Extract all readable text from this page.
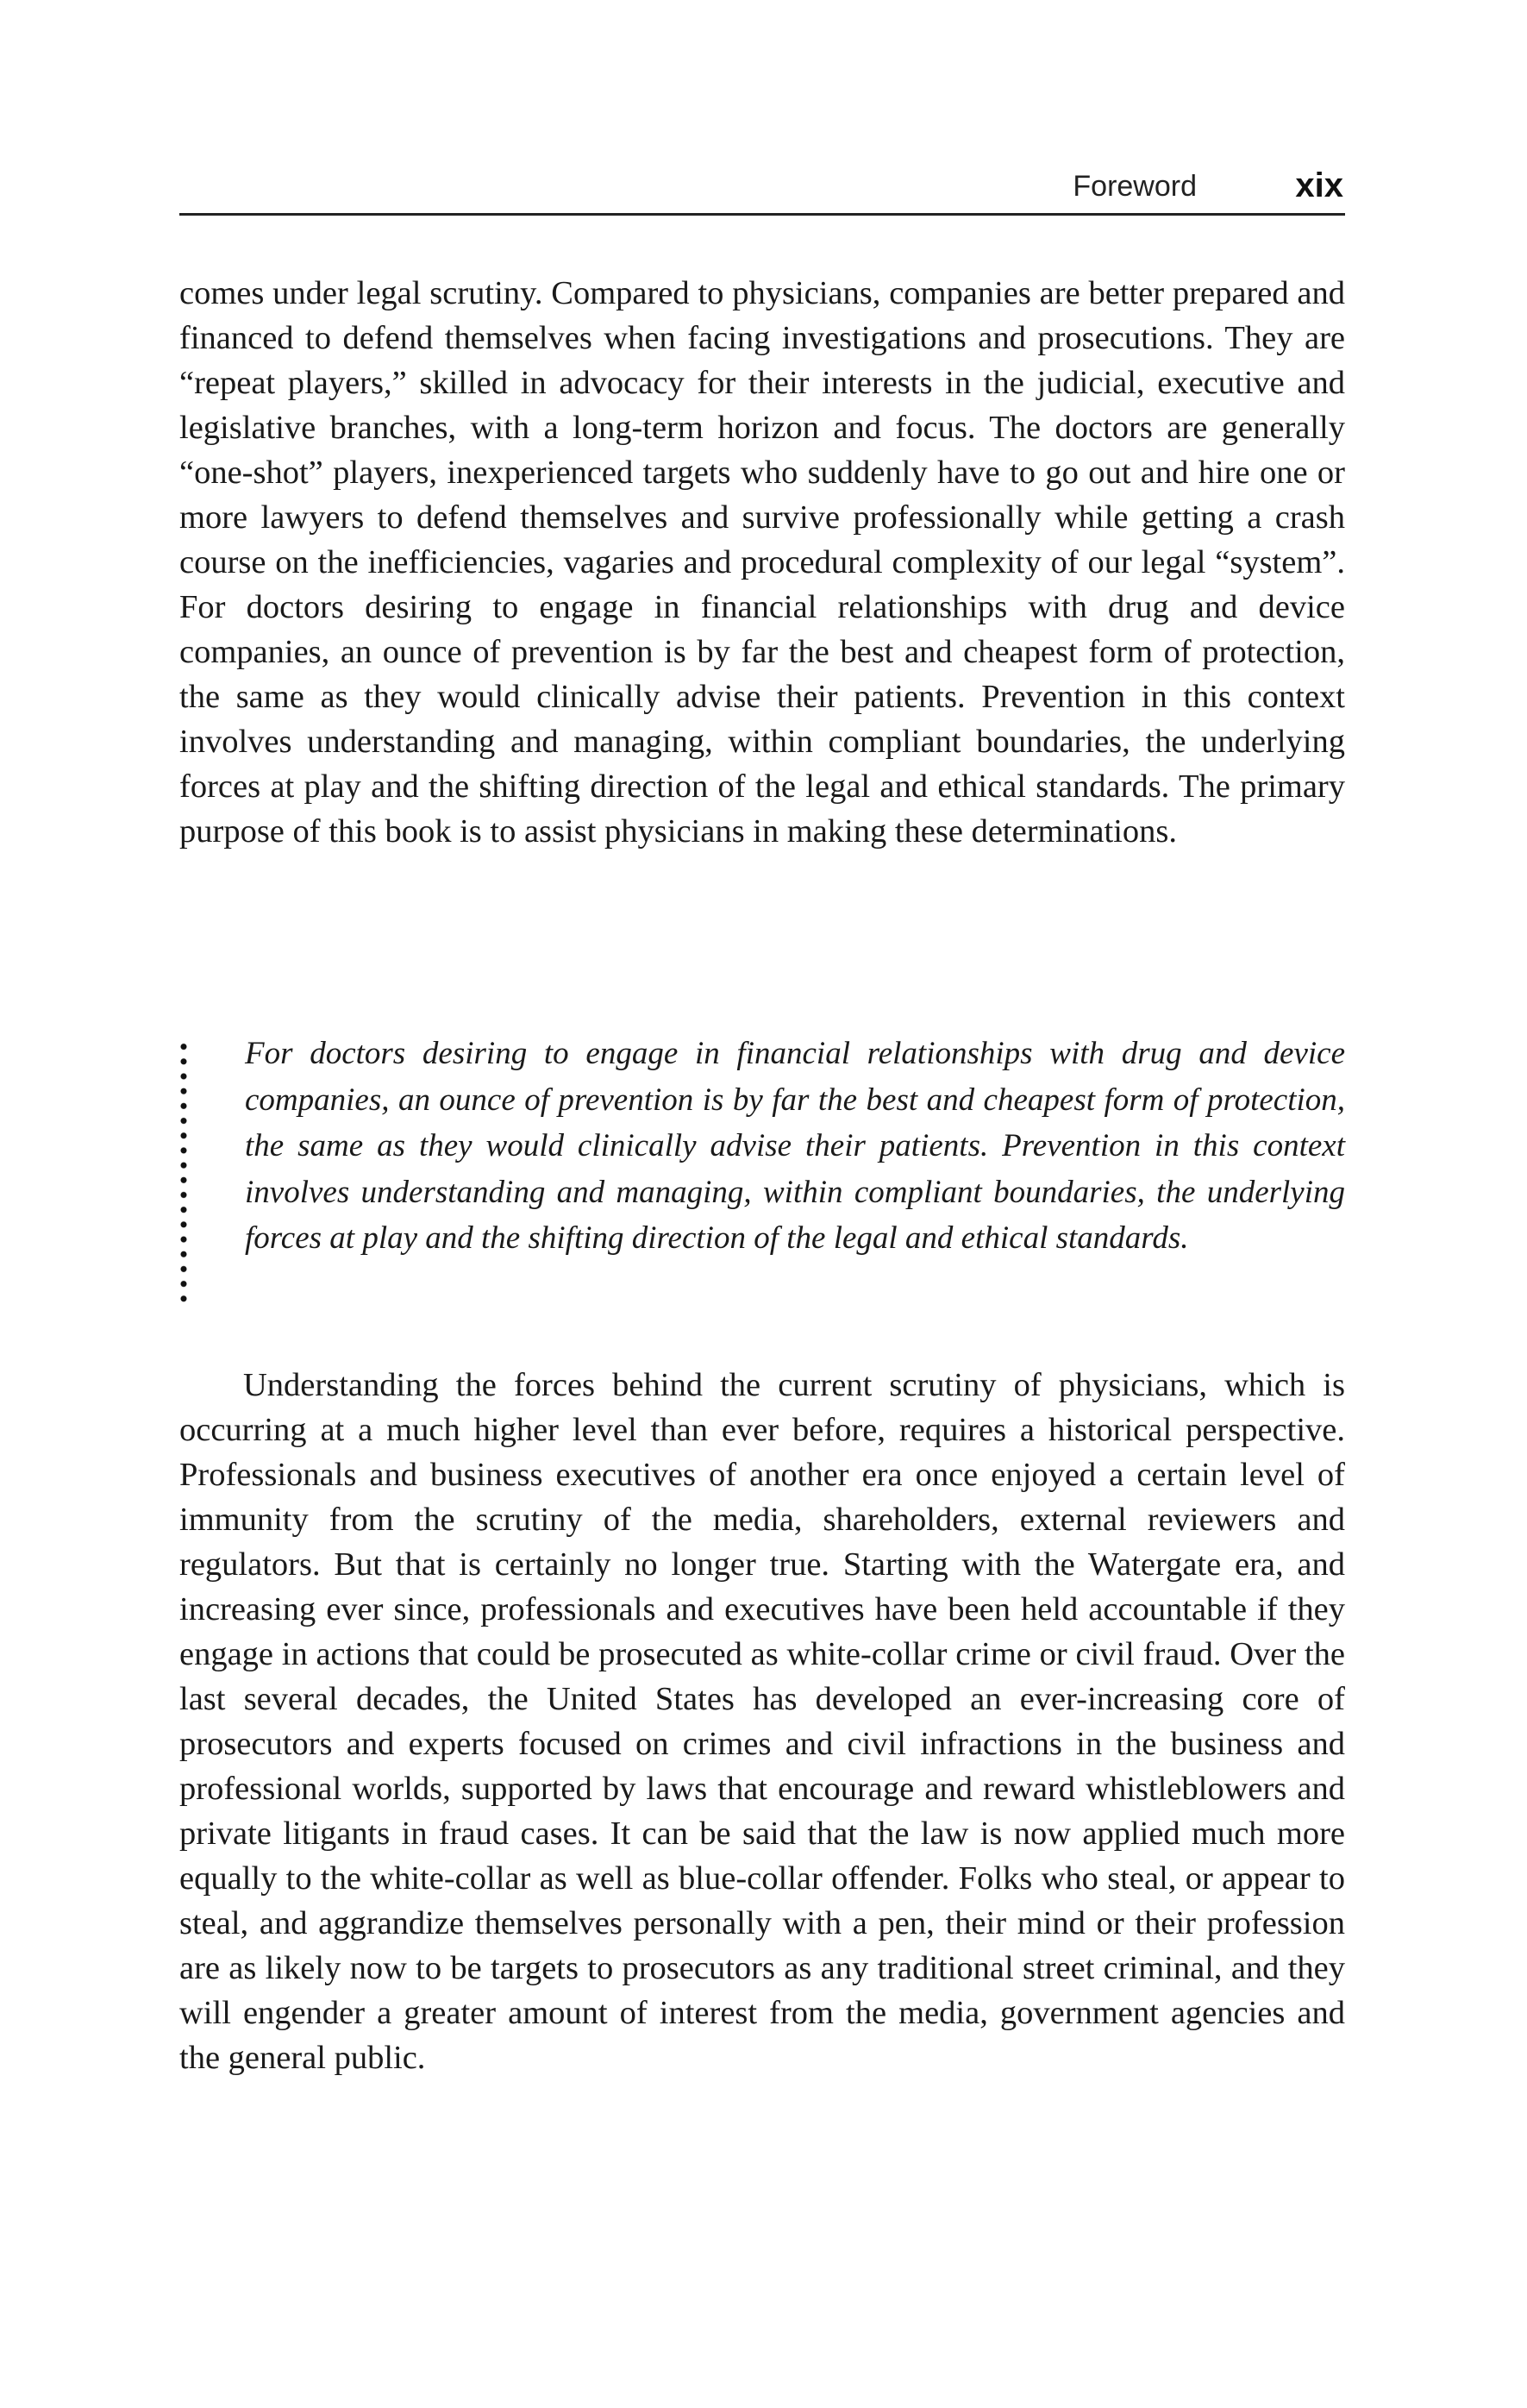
Foreword	xix

comes under legal scrutiny. Compared to physicians, companies are better prepared and financed to defend themselves when facing investigations and prosecutions. They are “repeat players,” skilled in advocacy for their interests in the judicial, executive and legislative branches, with a long-term horizon and focus. The doctors are generally “one-shot” players, inexperienced targets who suddenly have to go out and hire one or more lawyers to defend themselves and survive professionally while getting a crash course on the inefficiencies, vagaries and procedural complexity of our legal “system”. For doctors desiring to engage in financial relationships with drug and device companies, an ounce of prevention is by far the best and cheapest form of protection, the same as they would clinically advise their patients. Prevention in this context involves understanding and managing, within compliant boundaries, the underlying forces at play and the shifting direction of the legal and ethical standards. The primary purpose of this book is to assist physicians in making these determinations.

For doctors desiring to engage in financial relationships with drug and device companies, an ounce of prevention is by far the best and cheapest form of protection, the same as they would clinically advise their patients. Prevention in this context involves understanding and managing, within compliant boundaries, the underlying forces at play and the shifting direction of the legal and ethical standards.

Understanding the forces behind the current scrutiny of physicians, which is occurring at a much higher level than ever before, requires a historical perspective. Professionals and business executives of another era once enjoyed a certain level of immunity from the scrutiny of the media, shareholders, external reviewers and regulators. But that is certainly no longer true. Starting with the Watergate era, and increasing ever since, professionals and executives have been held accountable if they engage in actions that could be prosecuted as white-collar crime or civil fraud. Over the last several decades, the United States has developed an ever-increasing core of prosecutors and experts focused on crimes and civil infractions in the business and professional worlds, supported by laws that encourage and reward whistleblowers and private litigants in fraud cases. It can be said that the law is now applied much more equally to the white-collar as well as blue-collar offender. Folks who steal, or appear to steal, and aggrandize themselves personally with a pen, their mind or their profession are as likely now to be targets to prosecutors as any traditional street criminal, and they will engender a greater amount of interest from the media, government agencies and the general public.
